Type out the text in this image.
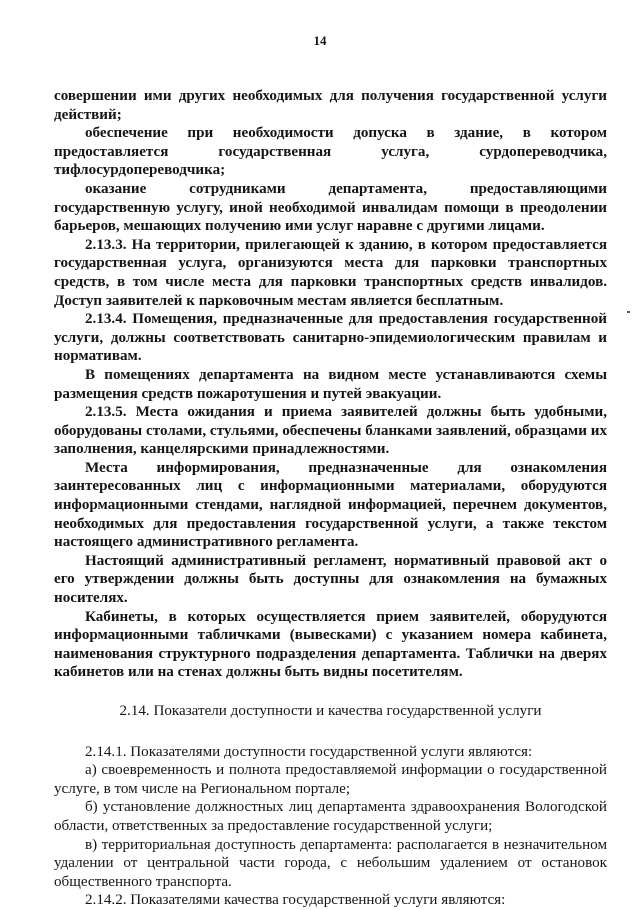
14

совершении ими других необходимых для получения государственной услуги действий;

обеспечение при необходимости допуска в здание, в котором предоставляется государственная услуга, сурдопереводчика, тифлосурдопереводчика;

оказание сотрудниками департамента, предоставляющими государственную услугу, иной необходимой инвалидам помощи в преодолении барьеров, мешающих получению ими услуг наравне с другими лицами.

2.13.3. На территории, прилегающей к зданию, в котором предоставляется государственная услуга, организуются места для парковки транспортных средств, в том числе места для парковки транспортных средств инвалидов. Доступ заявителей к парковочным местам является бесплатным.

2.13.4. Помещения, предназначенные для предоставления государственной услуги, должны соответствовать санитарно-эпидемиологическим правилам и нормативам.

В помещениях департамента на видном месте устанавливаются схемы размещения средств пожаротушения и путей эвакуации.

2.13.5. Места ожидания и приема заявителей должны быть удобными, оборудованы столами, стульями, обеспечены бланками заявлений, образцами их заполнения, канцелярскими принадлежностями.

Места информирования, предназначенные для ознакомления заинтересованных лиц с информационными материалами, оборудуются информационными стендами, наглядной информацией, перечнем документов, необходимых для предоставления государственной услуги, а также текстом настоящего административного регламента.

Настоящий административный регламент, нормативный правовой акт о его утверждении должны быть доступны для ознакомления на бумажных носителях.

Кабинеты, в которых осуществляется прием заявителей, оборудуются информационными табличками (вывесками) с указанием номера кабинета, наименования структурного подразделения департамента. Таблички на дверях кабинетов или на стенах должны быть видны посетителям.

2.14. Показатели доступности и качества государственной услуги

2.14.1. Показателями доступности государственной услуги являются:

а) своевременность и полнота предоставляемой информации о государственной услуге, в том числе на Региональном портале;

б) установление должностных лиц департамента здравоохранения Вологодской области, ответственных за предоставление государственной услуги;

в) территориальная доступность департамента: располагается в незначительном удалении от центральной части города, с небольшим удалением от остановок общественного транспорта.

2.14.2. Показателями качества государственной услуги являются:
